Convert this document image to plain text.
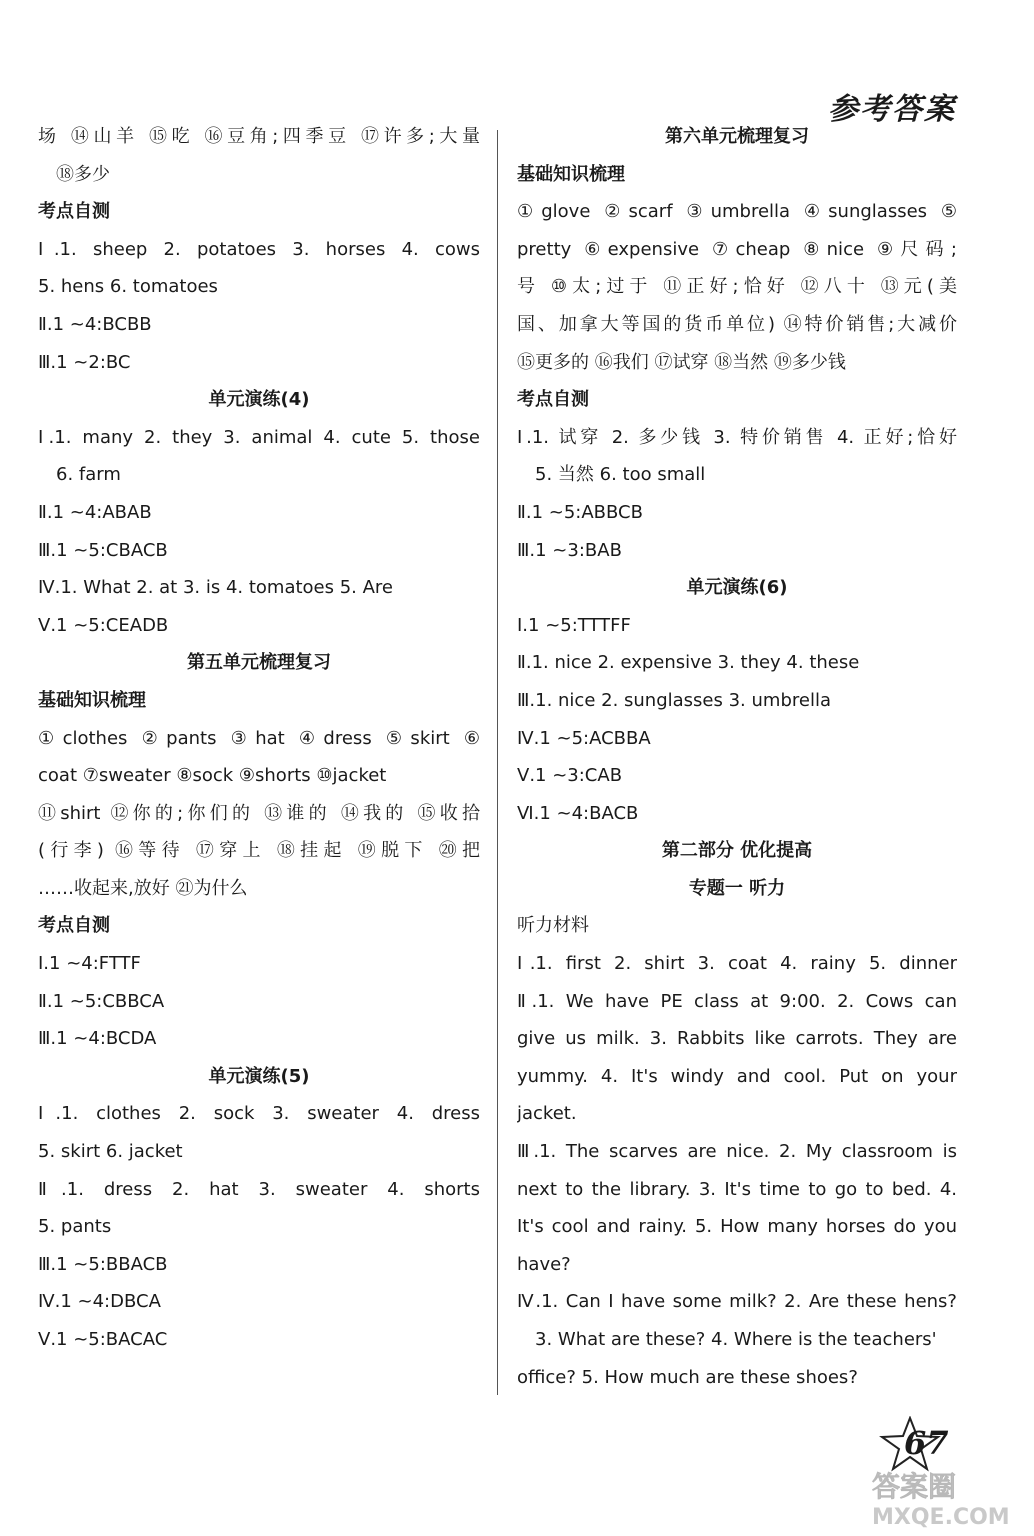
参考答案
场 ⑭山羊 ⑮吃 ⑯豆角;四季豆 ⑰许多;大量
⑱多少
考点自测
Ⅰ.1. sheep 2. potatoes 3. horses 4. cows
5. hens 6. tomatoes
Ⅱ.1 ~4:BCBB
Ⅲ.1 ~2:BC
单元演练(4)
Ⅰ.1. many 2. they 3. animal 4. cute 5. those
6. farm
Ⅱ.1 ~4:ABAB
Ⅲ.1 ~5:CBACB
Ⅳ.1. What 2. at 3. is 4. tomatoes 5. Are
Ⅴ.1 ~5:CEADB
第五单元梳理复习
基础知识梳理
①clothes ②pants ③hat ④dress ⑤skirt ⑥
coat ⑦sweater ⑧sock ⑨shorts ⑩jacket
⑪shirt ⑫你的;你们的 ⑬谁的 ⑭我的 ⑮收拾
(行李) ⑯等待 ⑰穿上 ⑱挂起 ⑲脱下 ⑳把
……收起来,放好 ㉑为什么
考点自测
Ⅰ.1 ~4:FTTF
Ⅱ.1 ~5:CBBCA
Ⅲ.1 ~4:BCDA
单元演练(5)
Ⅰ.1. clothes 2. sock 3. sweater 4. dress
5. skirt 6. jacket
Ⅱ.1. dress 2. hat 3. sweater 4. shorts
5. pants
Ⅲ.1 ~5:BBACB
Ⅳ.1 ~4:DBCA
Ⅴ.1 ~5:BACAC
第六单元梳理复习
基础知识梳理
①glove ②scarf ③umbrella ④sunglasses ⑤
pretty ⑥expensive ⑦cheap ⑧nice ⑨尺码;
号 ⑩太;过于 ⑪正好;恰好 ⑫八十 ⑬元(美
国、加拿大等国的货币单位) ⑭特价销售;大减价
⑮更多的 ⑯我们 ⑰试穿 ⑱当然 ⑲多少钱
考点自测
Ⅰ.1. 试穿 2. 多少钱 3. 特价销售 4. 正好;恰好
5. 当然 6. too small
Ⅱ.1 ~5:ABBCB
Ⅲ.1 ~3:BAB
单元演练(6)
Ⅰ.1 ~5:TTTFF
Ⅱ.1. nice 2. expensive 3. they 4. these
Ⅲ.1. nice 2. sunglasses 3. umbrella
Ⅳ.1 ~5:ACBBA
Ⅴ.1 ~3:CAB
Ⅵ.1 ~4:BACB
第二部分 优化提高
专题一 听力
听力材料
Ⅰ.1. first 2. shirt 3. coat 4. rainy 5. dinner
Ⅱ.1. We have PE class at 9:00. 2. Cows can
give us milk. 3. Rabbits like carrots. They are
yummy. 4. It's windy and cool. Put on your
jacket.
Ⅲ.1. The scarves are nice. 2. My classroom is
next to the library. 3. It's time to go to bed. 4.
It's cool and rainy. 5. How many horses do you
have?
Ⅳ.1. Can I have some milk? 2. Are these hens?
3. What are these? 4. Where is the teachers'
office? 5. How much are these shoes?
67
答案圈
MXQE.COM
